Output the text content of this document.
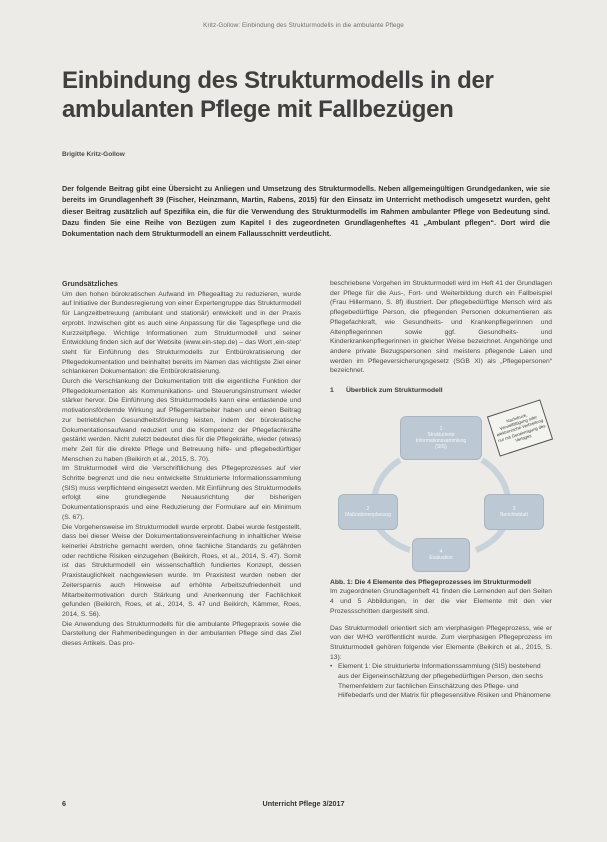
Kritz-Gollow: Einbindung des Strukturmodells in die ambulante Pflege
Einbindung des Strukturmodells in der ambulanten Pflege mit Fallbezügen
Brigitte Kritz-Gollow

Der folgende Beitrag gibt eine Übersicht zu Anliegen und Umsetzung des Strukturmodells. Neben allgemeingültigen Grundgedanken, wie sie bereits im Grundlagenheft 39 (Fischer, Heinzmann, Martin, Rabens, 2015) für den Einsatz im Unterricht methodisch umgesetzt wurden, geht dieser Beitrag zusätzlich auf Spezifika ein, die für die Verwendung des Strukturmodells im Rahmen ambulanter Pflege von Bedeutung sind. Dazu finden Sie eine Reihe von Bezügen zum Kapitel I des zugeordneten Grundlagenheftes 41 „Ambulant pflegen“. Dort wird die Dokumentation nach dem Strukturmodell an einem Fallausschnitt verdeutlicht.

Grundsätzliches

Um den hohen bürokratischen Aufwand im Pflegealltag zu reduzieren, wurde auf Initiative der Bundesregierung von einer Expertengruppe das Strukturmodell für Langzeitbetreuung (ambulant und stationär) entwickelt und in der Praxis erprobt. Inzwischen gibt es auch eine Anpassung für die Tagespflege und die Kurzzeitpflege. Wichtige Informationen zum Strukturmodell und seiner Entwicklung finden sich auf der Website (www.ein-step.de) – das Wort ‚ein-step‘ steht für Einführung des Strukturmodells zur Entbürokratisierung der Pflegedokumentation und beinhaltet bereits im Namen das wichtigste Ziel einer schlankeren Dokumentation: die Entbürokratisierung.

Durch die Verschlankung der Dokumentation tritt die eigentliche Funktion der Pflegedokumentation als Kommunikations- und Steuerungsinstrument wieder stärker hervor. Die Einführung des Strukturmodells kann eine entlastende und motivationsfördernde Wirkung auf Pflegemitarbeiter haben und einen Beitrag zur betrieblichen Gesundheitsförderung leisten, indem der bürokratische Dokumentationsaufwand reduziert und die Kompetenz der Pflegefachkräfte gestärkt werden. Nicht zuletzt bedeutet dies für die Pflegekräfte, wieder (etwas) mehr Zeit für die direkte Pflege und Betreuung hilfe- und pflegebedürftiger Menschen zu haben (Beikirch et al., 2015, S. 70).

Im Strukturmodell wird die Verschriftlichung des Pflegeprozesses auf vier Schritte begrenzt und die neu entwickelte Strukturierte Informationssammlung (SIS) muss verpflichtend eingesetzt werden. Mit Einführung des Strukturmodells erfolgt eine grundlegende Neuausrichtung der bisherigen Dokumentationspraxis und eine Reduzierung der Formulare auf ein Minimum (S. 67).

Die Vorgehensweise im Strukturmodell wurde erprobt. Dabei wurde festgestellt, dass bei dieser Weise der Dokumentationsvereinfachung in inhaltlicher Weise keinerlei Abstriche gemacht werden, ohne fachliche Standards zu gefährden oder rechtliche Risiken einzugehen (Beikirch, Roes, et al., 2014, S. 47). Somit ist das Strukturmodell ein wissenschaftlich fundiertes Konzept, dessen Praxistauglichkeit nachgewiesen wurde. Im Praxistest wurden neben der Zeitersparnis auch Hinweise auf erhöhte Arbeitszufriedenheit und Mitarbeitermotivation durch Stärkung und Anerkennung der Fachlichkeit gefunden (Beikirch, Roes, et al., 2014, S. 47 und Beikirch, Kämmer, Roes, 2014, S. 56).

Die Anwendung des Strukturmodells für die ambulante Pflegepraxis sowie die Darstellung der Rahmenbedingungen in der ambulanten Pflege sind das Ziel dieses Artikels. Das pro-

beschriebene Vorgehen im Strukturmodell wird im Heft 41 der Grundlagen der Pflege für die Aus-, Fort- und Weiterbildung durch ein Fallbeispiel (Frau Hillermann, S. 8f) illustriert. Der pflegebedürftige Mensch wird als pflegebedürftige Person, die pflegenden Personen dokumentieren als Pflegefachkraft, wie Gesundheits- und Krankenpflegerinnen und Altenpflegerinnen sowie ggf. Gesundheits- und Kinderkrankenpflegerinnen in gleicher Weise bezeichnet. Angehörige und andere private Bezugspersonen sind meistens pflegende Laien und werden im Pflegeversicherungsgesetz (SGB XI) als „Pflegepersonen“ bezeichnet.

1 Überblick zum Strukturmodell
1
Strukturierte
Informationssammlung
(SIS)
2
Maßnahmenplanung
3
Berichteblatt
4
Evaluation
Nachdruck, Vervielfältigung oder elektronische Verbreitung nur mit Genehmigung des Verlages

Abb. 1: Die 4 Elemente des Pflegeprozesses im Strukturmodell

Im zugeordneten Grundlagenheft 41 finden die Lernenden auf den Seiten 4 und 5 Abbildungen, in der die vier Elemente mit den vier Prozessschritten dargestellt sind.

Das Strukturmodell orientiert sich am vierphasigen Pflegeprozess, wie er von der WHO veröffentlicht wurde. Zum vierphasigen Pflegeprozess im Strukturmodell gehören folgende vier Elemente (Beikirch et al., 2015, S. 13):

• Element 1: Die strukturierte Informationssammlung (SIS) bestehend aus der Eigeneinschätzung der pflegebedürftigen Person, den sechs Themenfeldern zur fachlichen Einschätzung des Pflege- und Hilfebedarfs und der Matrix für pflegesensitive Risiken und Phänomene
6	Unterricht Pflege 3/2017
